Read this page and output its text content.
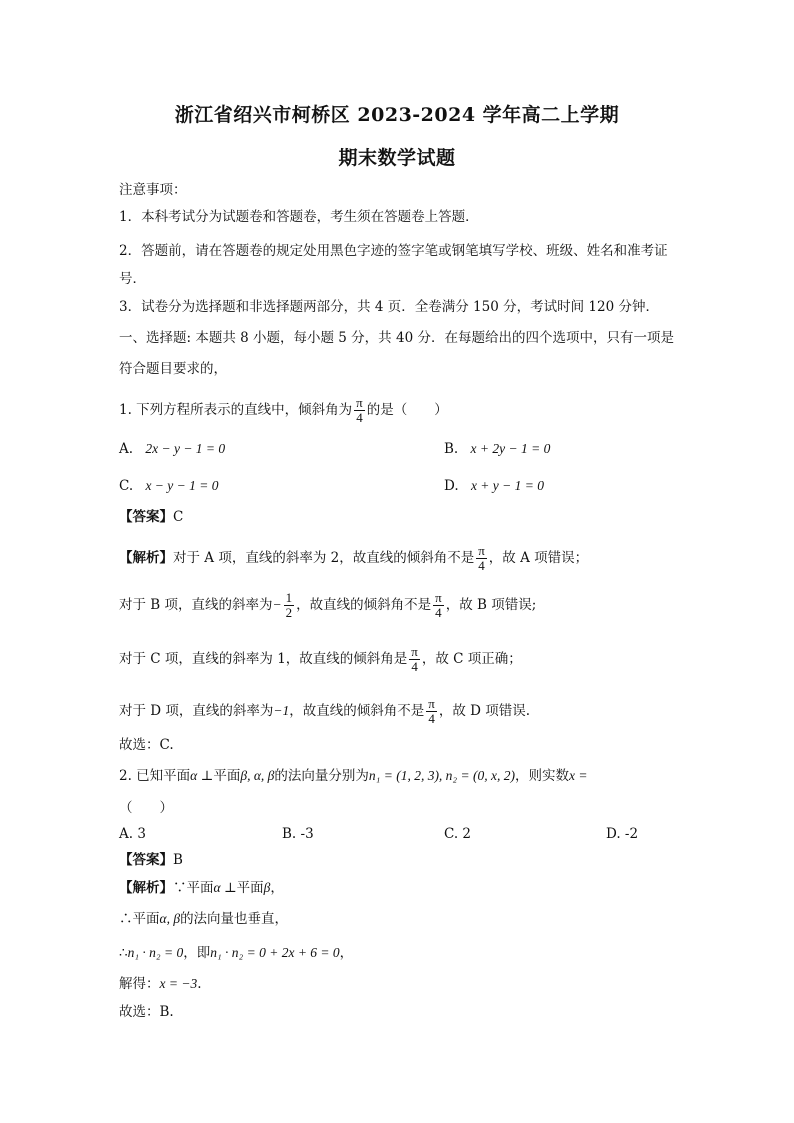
浙江省绍兴市柯桥区 2023-2024 学年高二上学期
期末数学试题
注意事项：
1．本科考试分为试题卷和答题卷，考生须在答题卷上答题．
2．答题前，请在答题卷的规定处用黑色字迹的签字笔或钢笔填写学校、班级、姓名和准考证
号．
3．试卷分为选择题和非选择题两部分，共 4 页．全卷满分 150 分，考试时间 120 分钟．
一、选择题: 本题共 8 小题，每小题 5 分，共 40 分．在每题给出的四个选项中，只有一项是
符合题目要求的，
1. 下列方程所表示的直线中，倾斜角为 $\frac{\pi}{4}$ 的是（　　）
A. 2x − y − 1 = 0	B. x + 2y − 1 = 0
C. x − y − 1 = 0	D. x + y − 1 = 0
【答案】C
【解析】对于 A 项，直线的斜率为 2，故直线的倾斜角不是 $\frac{\pi}{4}$ ，故 A 项错误；
对于 B 项，直线的斜率为− $\frac{1}{2}$ ，故直线的倾斜角不是 $\frac{\pi}{4}$ ，故 B 项错误;
对于 C 项，直线的斜率为 1，故直线的倾斜角是 $\frac{\pi}{4}$ ，故 C 项正确；
对于 D 项，直线的斜率为−1，故直线的倾斜角不是 $\frac{\pi}{4}$ ，故 D 项错误.
故选：C.
2. 已知平面α ⊥平面β, α, β的法向量分别为n₁ = (1, 2, 3), n₂ = (0, x, 2)，则实数x =
（　　）
A. 3	B. -3	C. 2	D. -2
【答案】B
【解析】∵平面α ⊥平面β，
∴平面α, β的法向量也垂直，
∴n₁ · n₂ = 0，即n₁ · n₂ = 0 + 2x + 6 = 0，
解得：x = −3.
故选：B.
